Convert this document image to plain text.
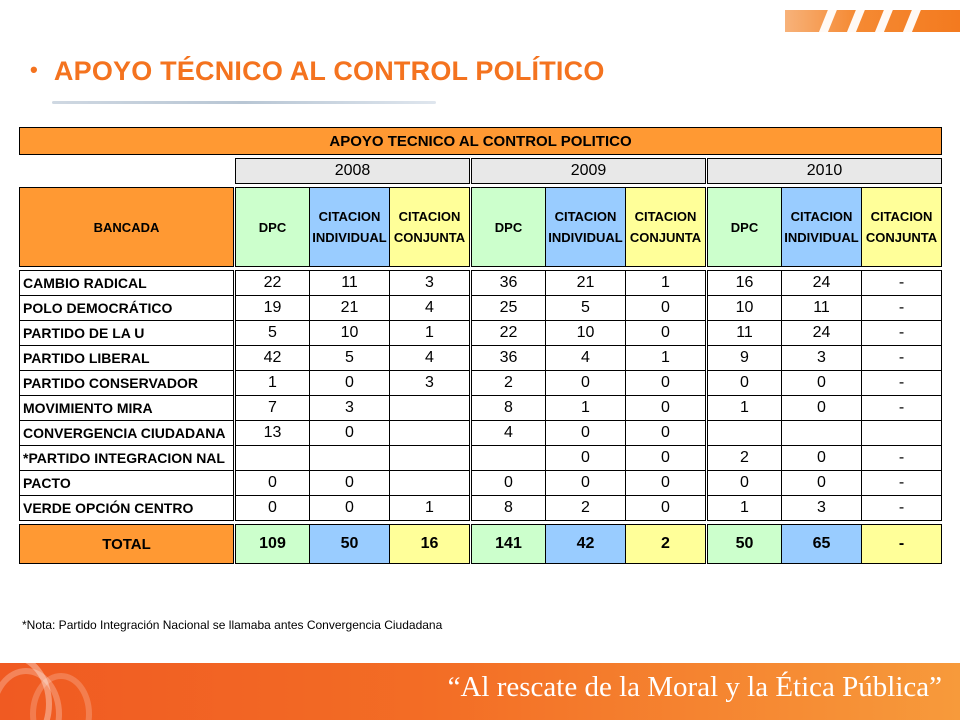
• APOYO TÉCNICO AL CONTROL POLÍTICO
APOYO TECNICO AL CONTROL POLITICO												

		2008				2009				2010		

BANCADA		DPC	CITACION INDIVIDUAL	CITACION CONJUNTA		DPC	CITACION INDIVIDUAL	CITACION CONJUNTA		DPC	CITACION INDIVIDUAL	CITACION CONJUNTA

CAMBIO RADICAL		22	11	3		36	21	1		16	24	-
POLO DEMOCRÁTICO		19	21	4		25	5	0		10	11	-
PARTIDO DE LA U		5	10	1		22	10	0		11	24	-
PARTIDO LIBERAL		42	5	4		36	4	1		9	3	-
PARTIDO CONSERVADOR		1	0	3		2	0	0		0	0	-
MOVIMIENTO MIRA		7	3			8	1	0		1	0	-
CONVERGENCIA CIUDADANA		13	0			4	0	0				
*PARTIDO INTEGRACION NAL							0	0		2	0	-
PACTO		0	0			0	0	0		0	0	-
VERDE OPCIÓN CENTRO		0	0	1		8	2	0		1	3	-

TOTAL		109	50	16		141	42	2		50	65	-
*Nota: Partido Integración Nacional se llamaba antes Convergencia Ciudadana
“Al rescate de la Moral y la Ética Pública”
